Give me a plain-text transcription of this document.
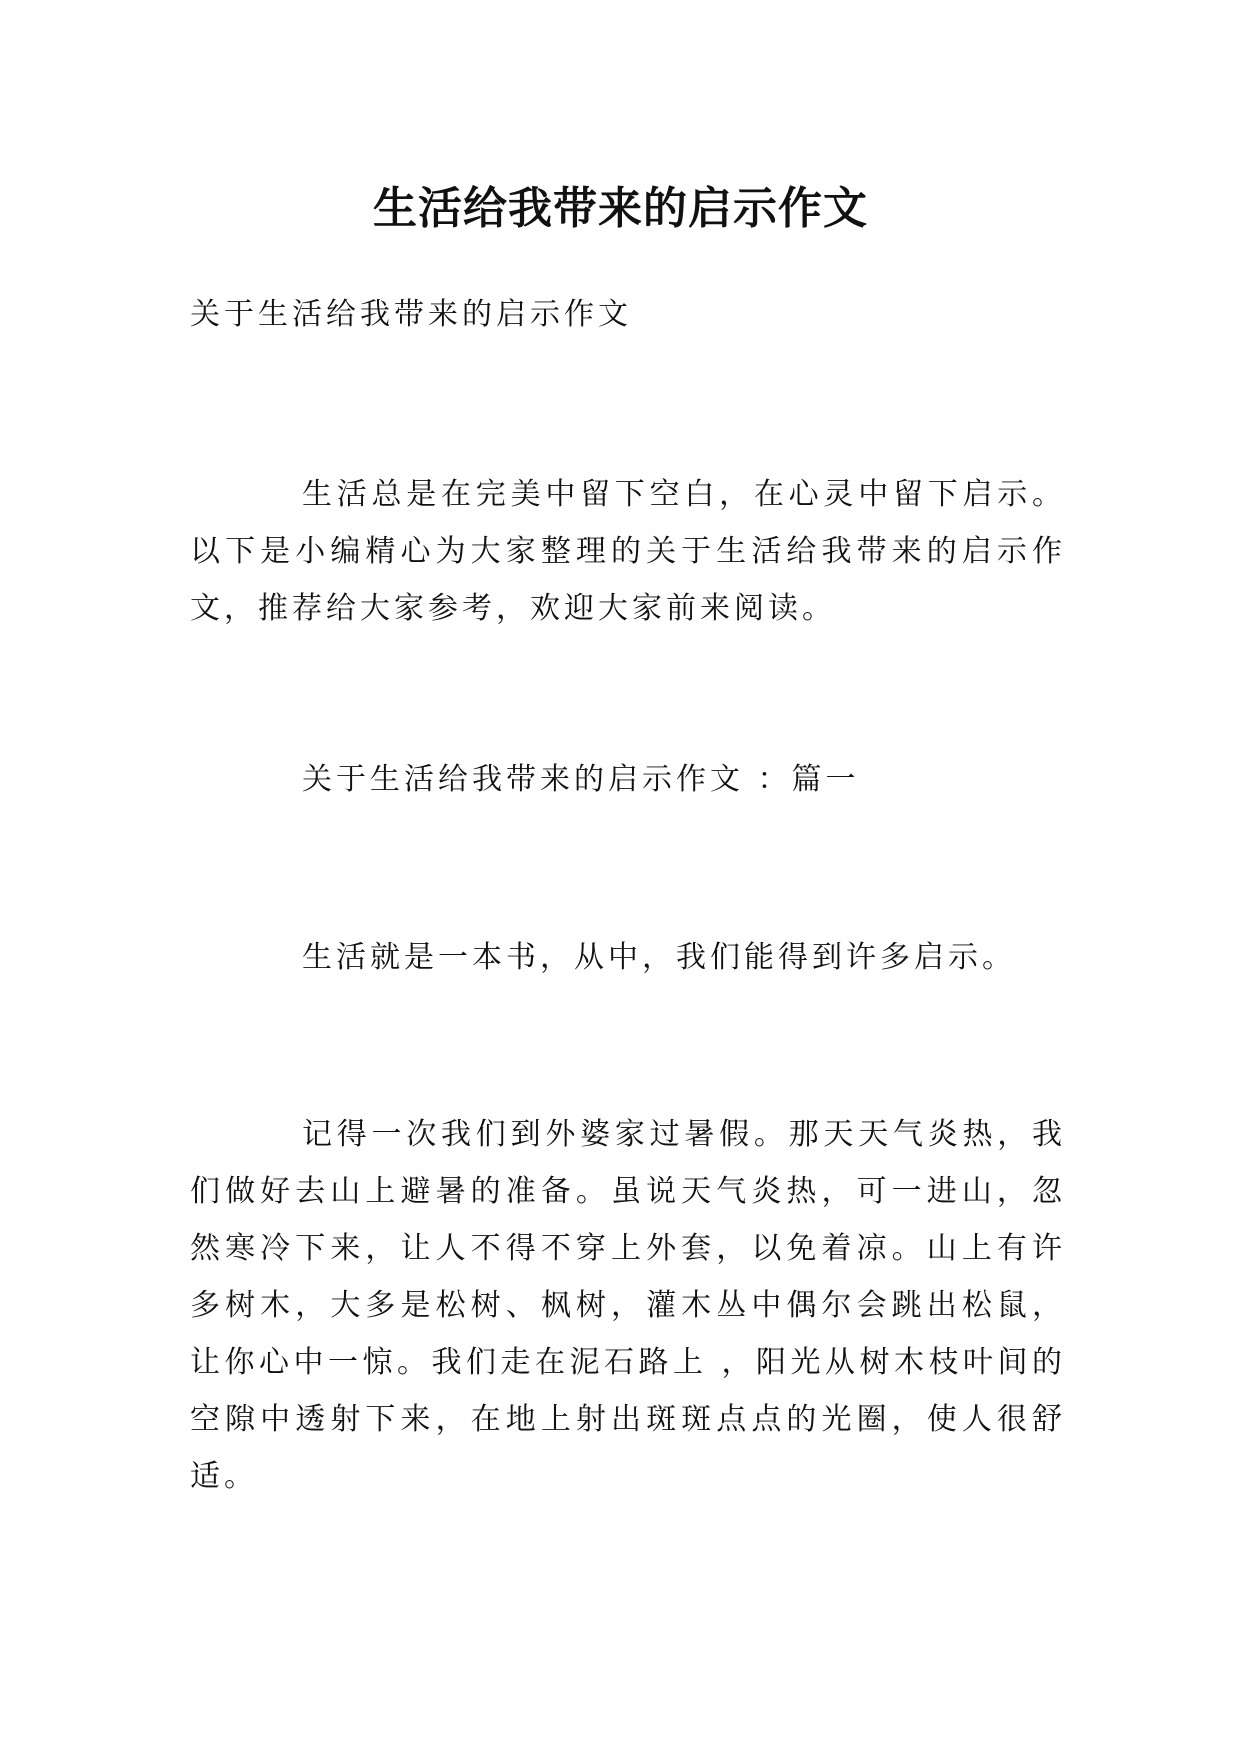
生活给我带来的启示作文

关于生活给我带来的启示作文

生活总是在完美中留下空白，在心灵中留下启示。以下是小编精心为大家整理的关于生活给我带来的启示作文，推荐给大家参考，欢迎大家前来阅读。

关于生活给我带来的启示作文 ：篇一

生活就是一本书，从中，我们能得到许多启示。

记得一次我们到外婆家过暑假。那天天气炎热，我们做好去山上避暑的准备。虽说天气炎热，可一进山，忽然寒冷下来，让人不得不穿上外套，以免着凉。山上有许多树木，大多是松树、枫树，灌木丛中偶尔会跳出松鼠，让你心中一惊。我们走在泥石路上 ，阳光从树木枝叶间的空隙中透射下来，在地上射出斑斑点点的光圈，使人很舒适。
